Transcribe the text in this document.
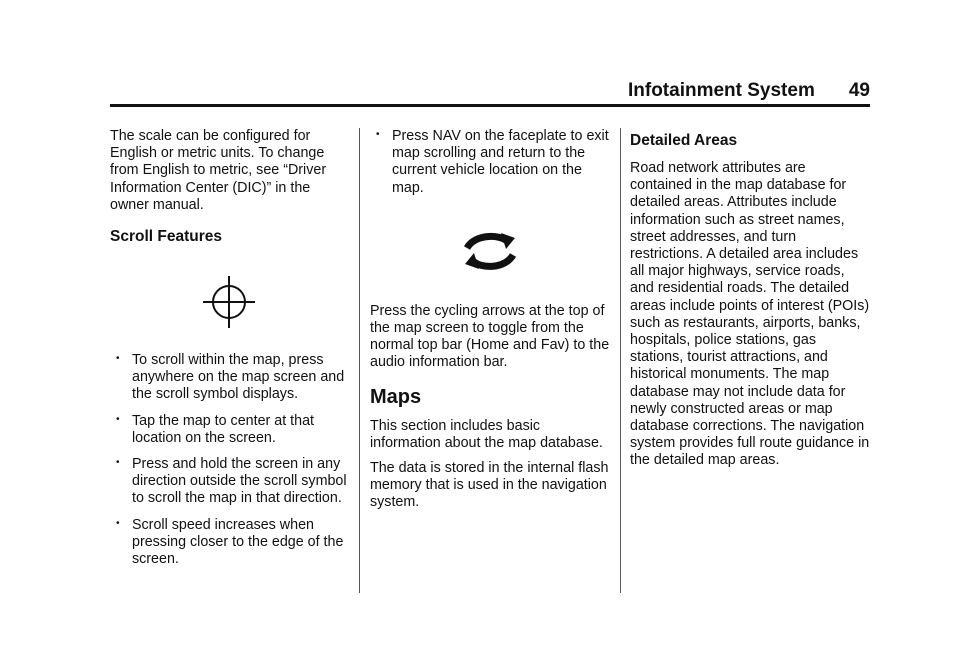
Infotainment System 49

The scale can be configured for English or metric units. To change from English to metric, see “Driver Information Center (DIC)” in the owner manual.

Scroll Features
• To scroll within the map, press anywhere on the map screen and the scroll symbol displays.
• Tap the map to center at that location on the screen.
• Press and hold the screen in any direction outside the scroll symbol to scroll the map in that direction.
• Scroll speed increases when pressing closer to the edge of the screen.
• Press NAV on the faceplate to exit map scrolling and return to the current vehicle location on the map.

Press the cycling arrows at the top of the map screen to toggle from the normal top bar (Home and Fav) to the audio information bar.

Maps

This section includes basic information about the map database.

The data is stored in the internal flash memory that is used in the navigation system.

Detailed Areas

Road network attributes are contained in the map database for detailed areas. Attributes include information such as street names, street addresses, and turn restrictions. A detailed area includes all major highways, service roads, and residential roads. The detailed areas include points of interest (POIs) such as restaurants, airports, banks, hospitals, police stations, gas stations, tourist attractions, and historical monuments. The map database may not include data for newly constructed areas or map database corrections. The navigation system provides full route guidance in the detailed map areas.
